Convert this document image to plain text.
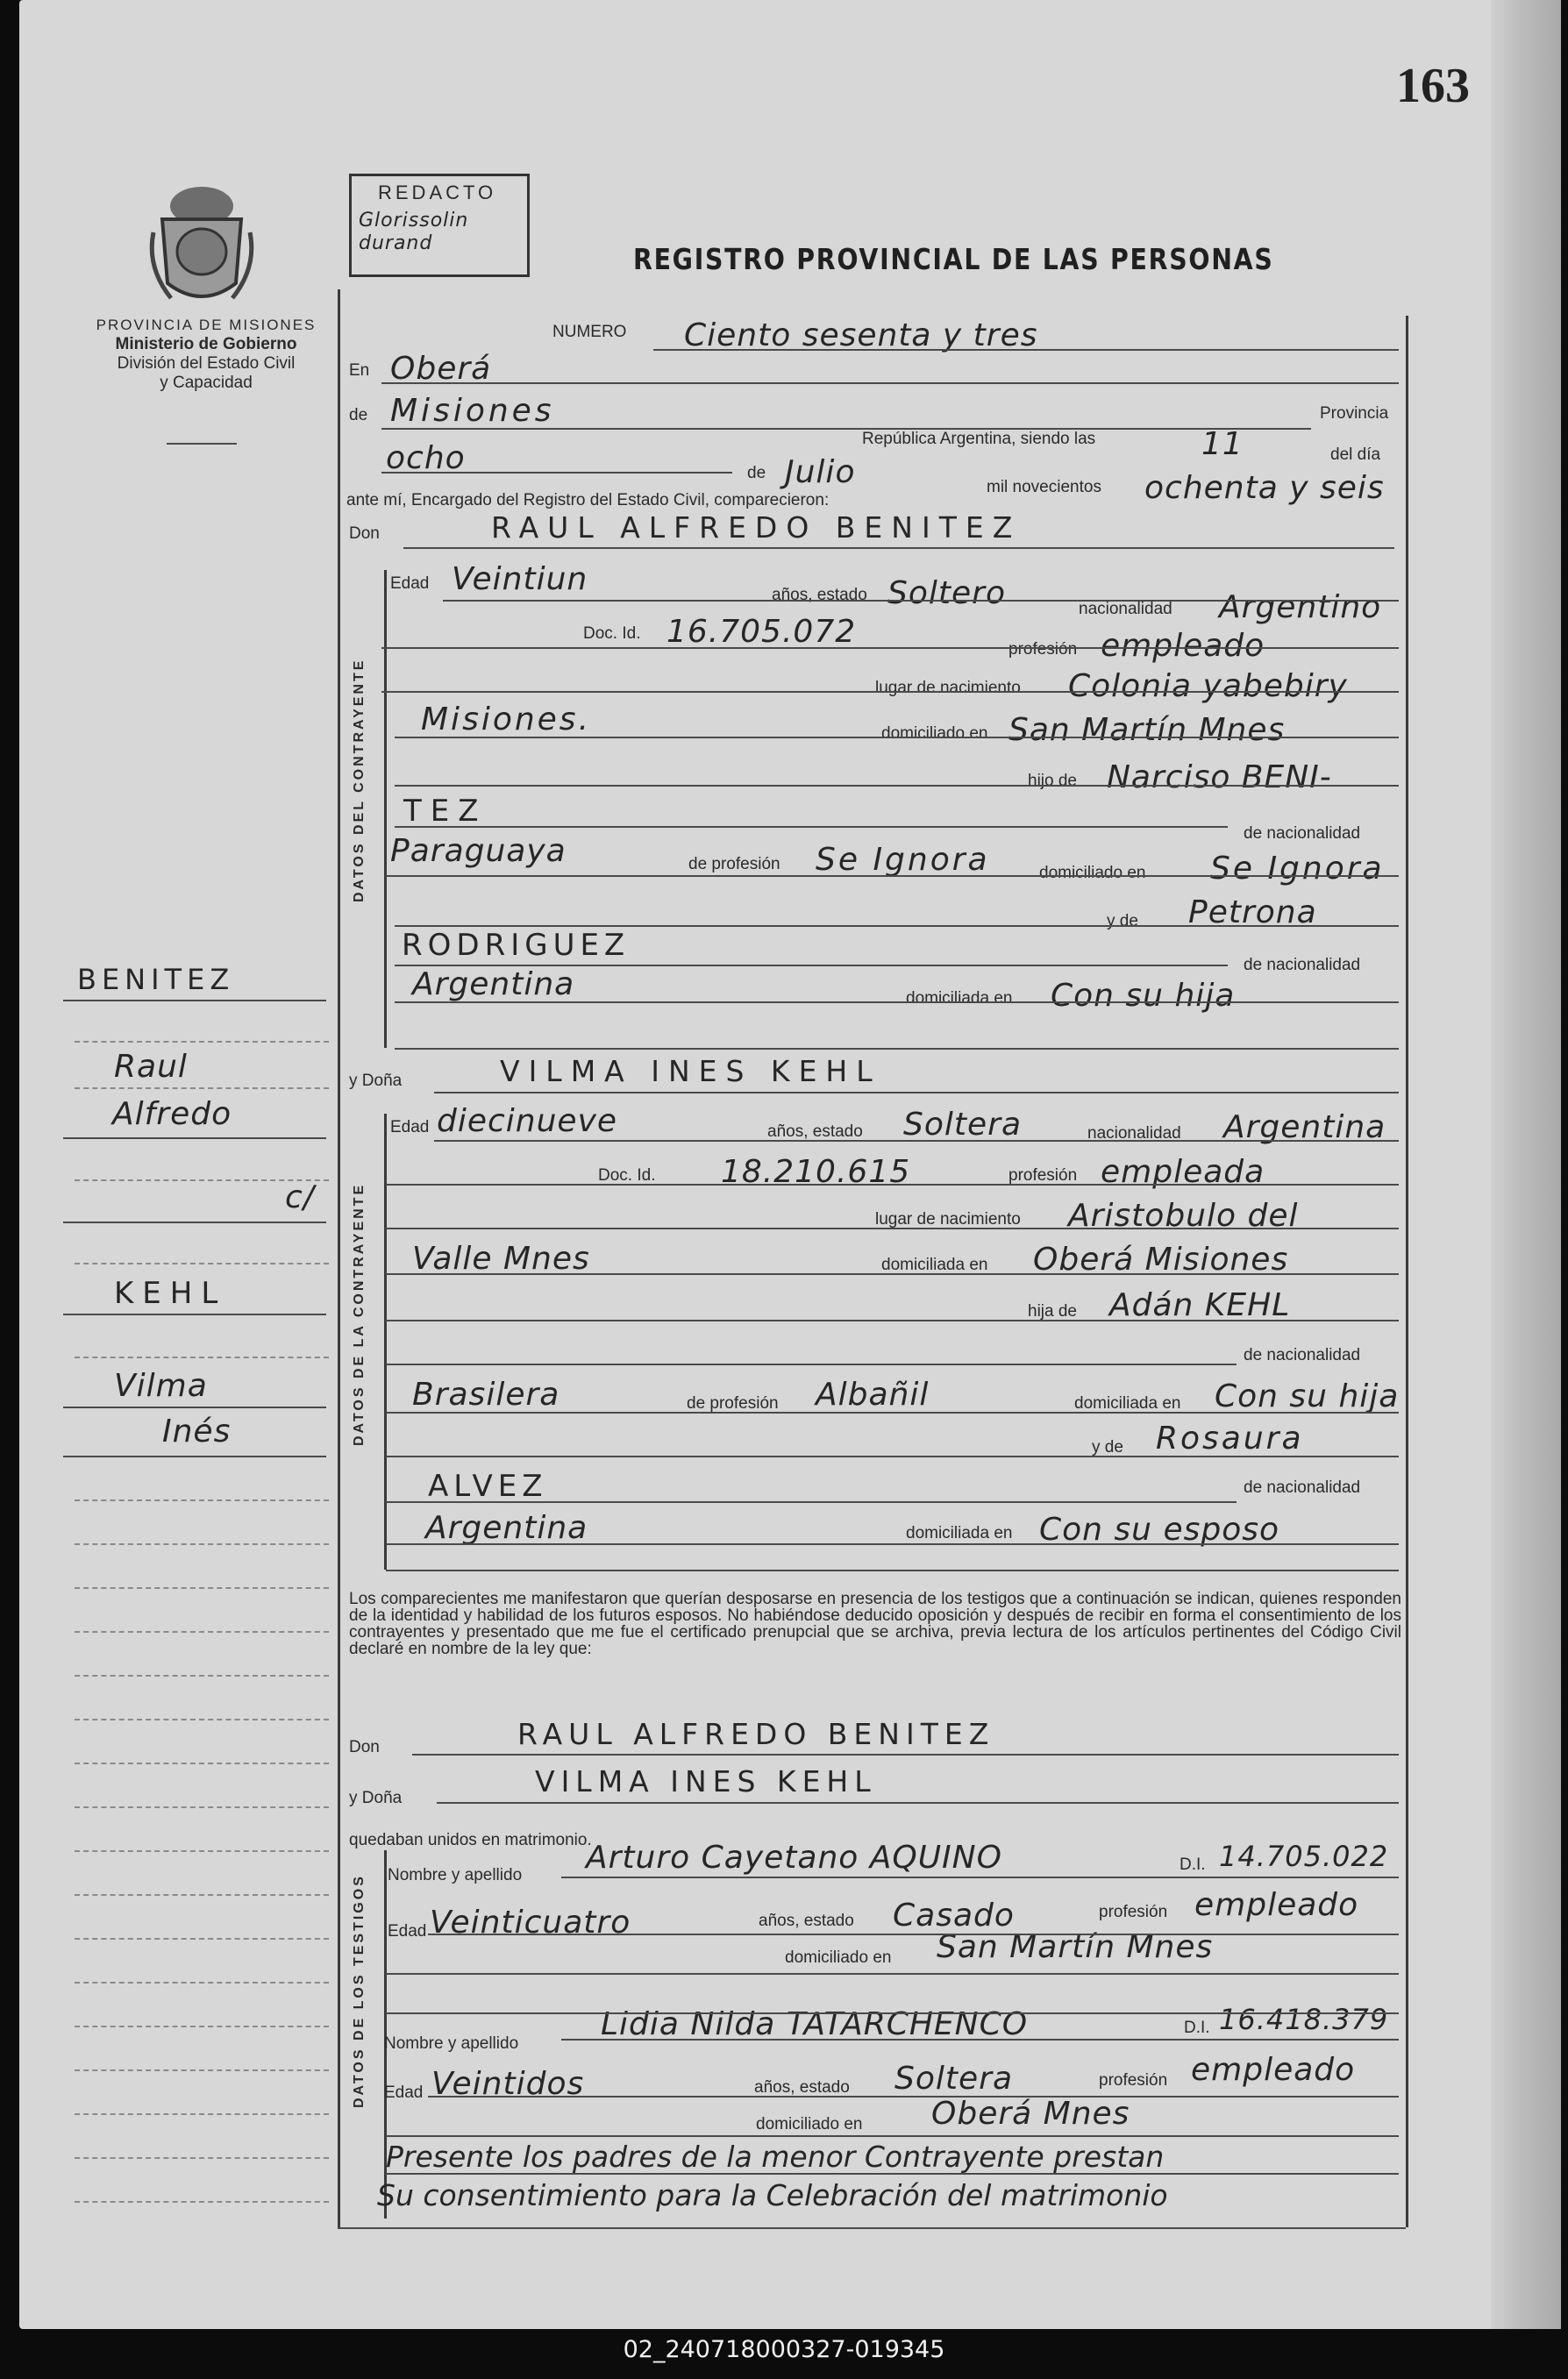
163
PROVINCIA DE MISIONES
Ministerio de Gobierno
División del Estado Civil
y Capacidad
REDACTO
Glorissolin durand	REGISTRO PROVINCIAL DE LAS PERSONAS
DATOS DEL CONTRAYENTE
DATOS DE LA CONTRAYENTE
DATOS DE LOS TESTIGOS
BENITEZ
Raul
Alfredo
c/
KEHL
Vilma
Inés
NUMERO Ciento sesenta y tres
En Oberá
de Misiones	Provincia
República Argentina, siendo las	11	del día
ocho	de Julio	mil novecientos ochenta y seis
ante mí, Encargado del Registro del Estado Civil, comparecieron:
Don	RAUL ALFREDO BENITEZ
Edad Veintiun	años, estado Soltero	nacionalidad Argentino
Doc. Id. 16.705.072	profesión empleado
lugar de nacimiento Colonia yabebiry
Misiones.	domiciliado en San Martín Mnes
hijo de Narciso BENI-
TEZ
de nacionalidad
Paraguaya	de profesión Se Ignora	domiciliado en Se Ignora
y de Petrona
RODRIGUEZ
de nacionalidad
Argentina	domiciliada en Con su hija
y Doña	VILMA INES KEHL
Edad diecinueve	años, estado Soltera	nacionalidad Argentina
Doc. Id. 18.210.615	profesión empleada
lugar de nacimiento Aristobulo del
Valle Mnes	domiciliada en Oberá Misiones
hija de Adán KEHL
de nacionalidad
Brasilera	de profesión Albañil	domiciliada en Con su hija
y de Rosaura
ALVEZ	de nacionalidad
Argentina	domiciliada en Con su esposo
Los comparecientes me manifestaron que querían desposarse en presencia de los testigos que a continuación se indican, quienes responden de la identidad y habilidad de los futuros esposos. No habiéndose deducido oposición y después de recibir en forma el consentimiento de los contrayentes y presentado que me fue el certificado prenupcial que se archiva, previa lectura de los artículos pertinentes del Código Civil declaré en nombre de la ley que:
Don	RAUL ALFREDO BENITEZ
y Doña	VILMA INES KEHL
quedaban unidos en matrimonio.
Nombre y apellido Arturo Cayetano AQUINO	D.I. 14.705.022
Edad Veinticuatro	años, estado Casado	profesión empleado
domiciliado en San Martín Mnes
Nombre y apellido
Lidia Nilda TATARCHENCO	D.I. 16.418.379
Edad Veintidos	años, estado Soltera	profesión empleado
domiciliado en Oberá Mnes
Presente los padres de la menor Contrayente prestan
Su consentimiento para la Celebración del matrimonio
02_240718000327-019345
